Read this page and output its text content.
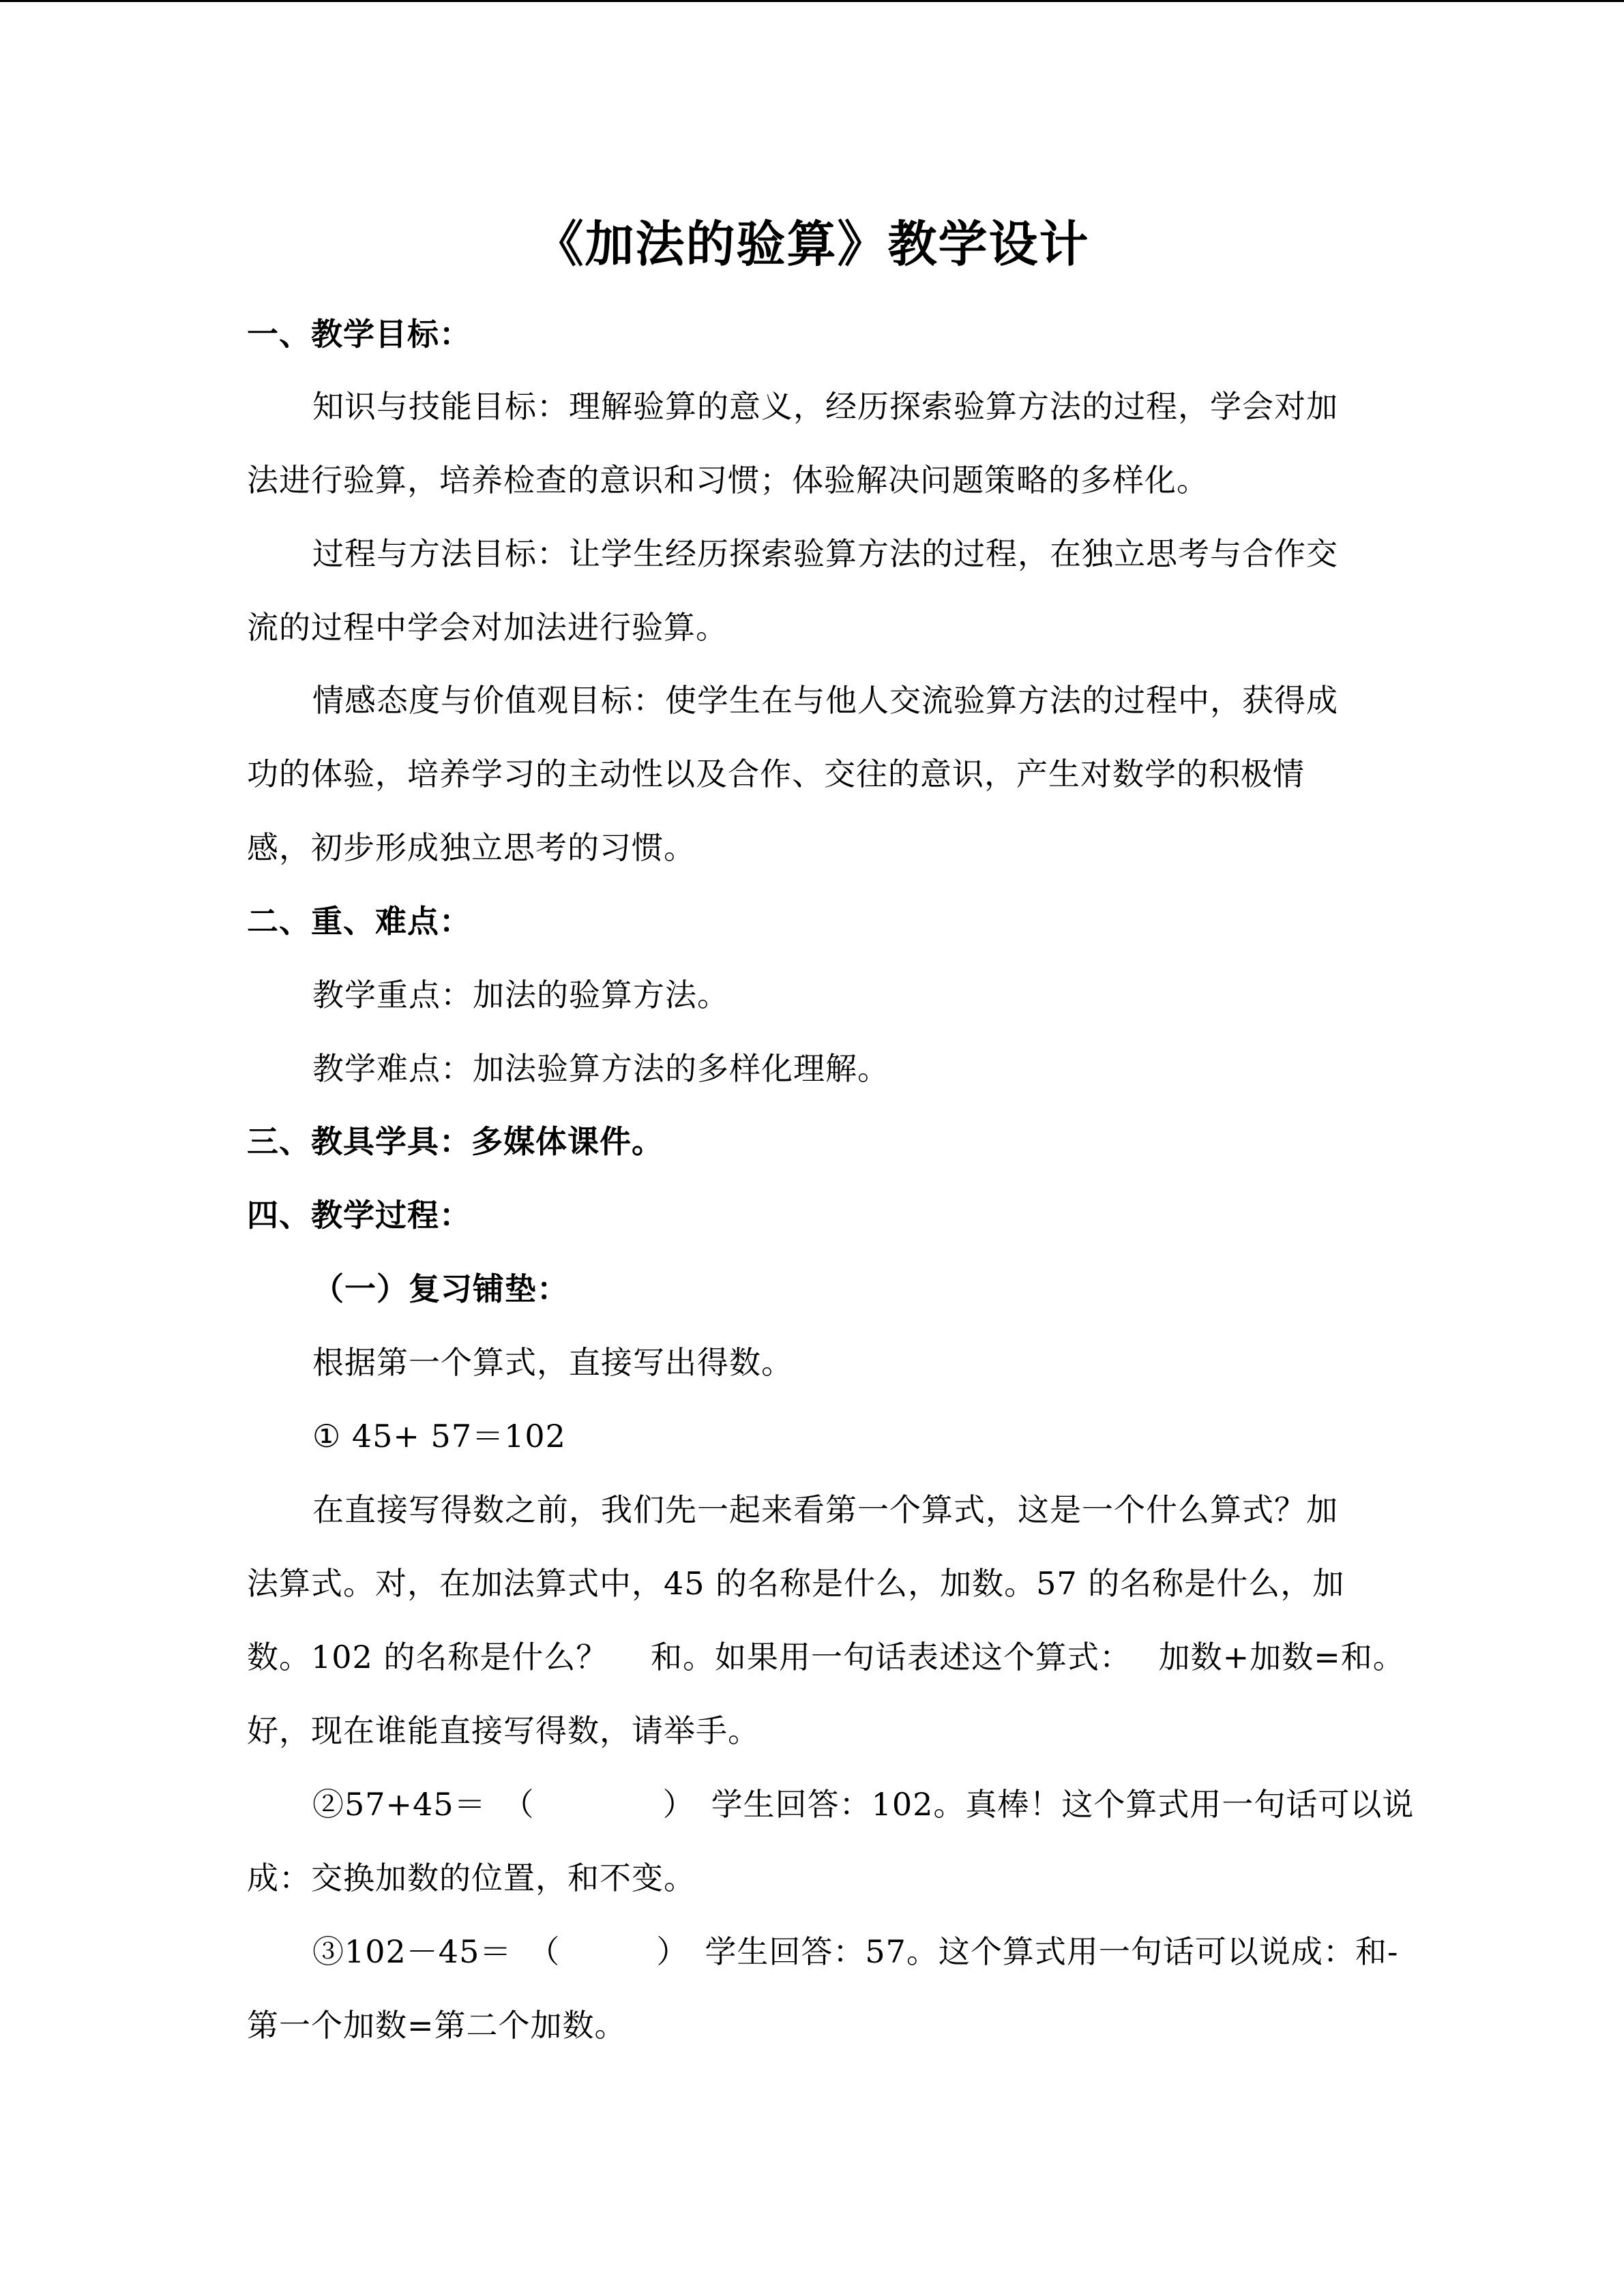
《加法的验算》教学设计
一、教学目标：
知识与技能目标：理解验算的意义，经历探索验算方法的过程，学会对加
法进行验算，培养检查的意识和习惯；体验解决问题策略的多样化。
过程与方法目标：让学生经历探索验算方法的过程，在独立思考与合作交
流的过程中学会对加法进行验算。
情感态度与价值观目标：使学生在与他人交流验算方法的过程中，获得成
功的体验，培养学习的主动性以及合作、交往的意识，产生对数学的积极情
感，初步形成独立思考的习惯。
二、重、难点：
教学重点：加法的验算方法。
教学难点：加法验算方法的多样化理解。
三、教具学具：多媒体课件。
四、教学过程：
（一）复习铺垫：
根据第一个算式，直接写出得数。
① 45+ 57＝102
在直接写得数之前，我们先一起来看第一个算式，这是一个什么算式？加
法算式。对，在加法算式中，45 的名称是什么，加数。57 的名称是什么，加
数。102 的名称是什么？　 和。如果用一句话表述这个算式：　 加数+加数=和。
好，现在谁能直接写得数，请举手。
②57+45＝　（　　　　）　学生回答：102。真棒！这个算式用一句话可以说
成：交换加数的位置，和不变。
③102－45＝　（　　　）　学生回答：57。这个算式用一句话可以说成：和-
第一个加数=第二个加数。
